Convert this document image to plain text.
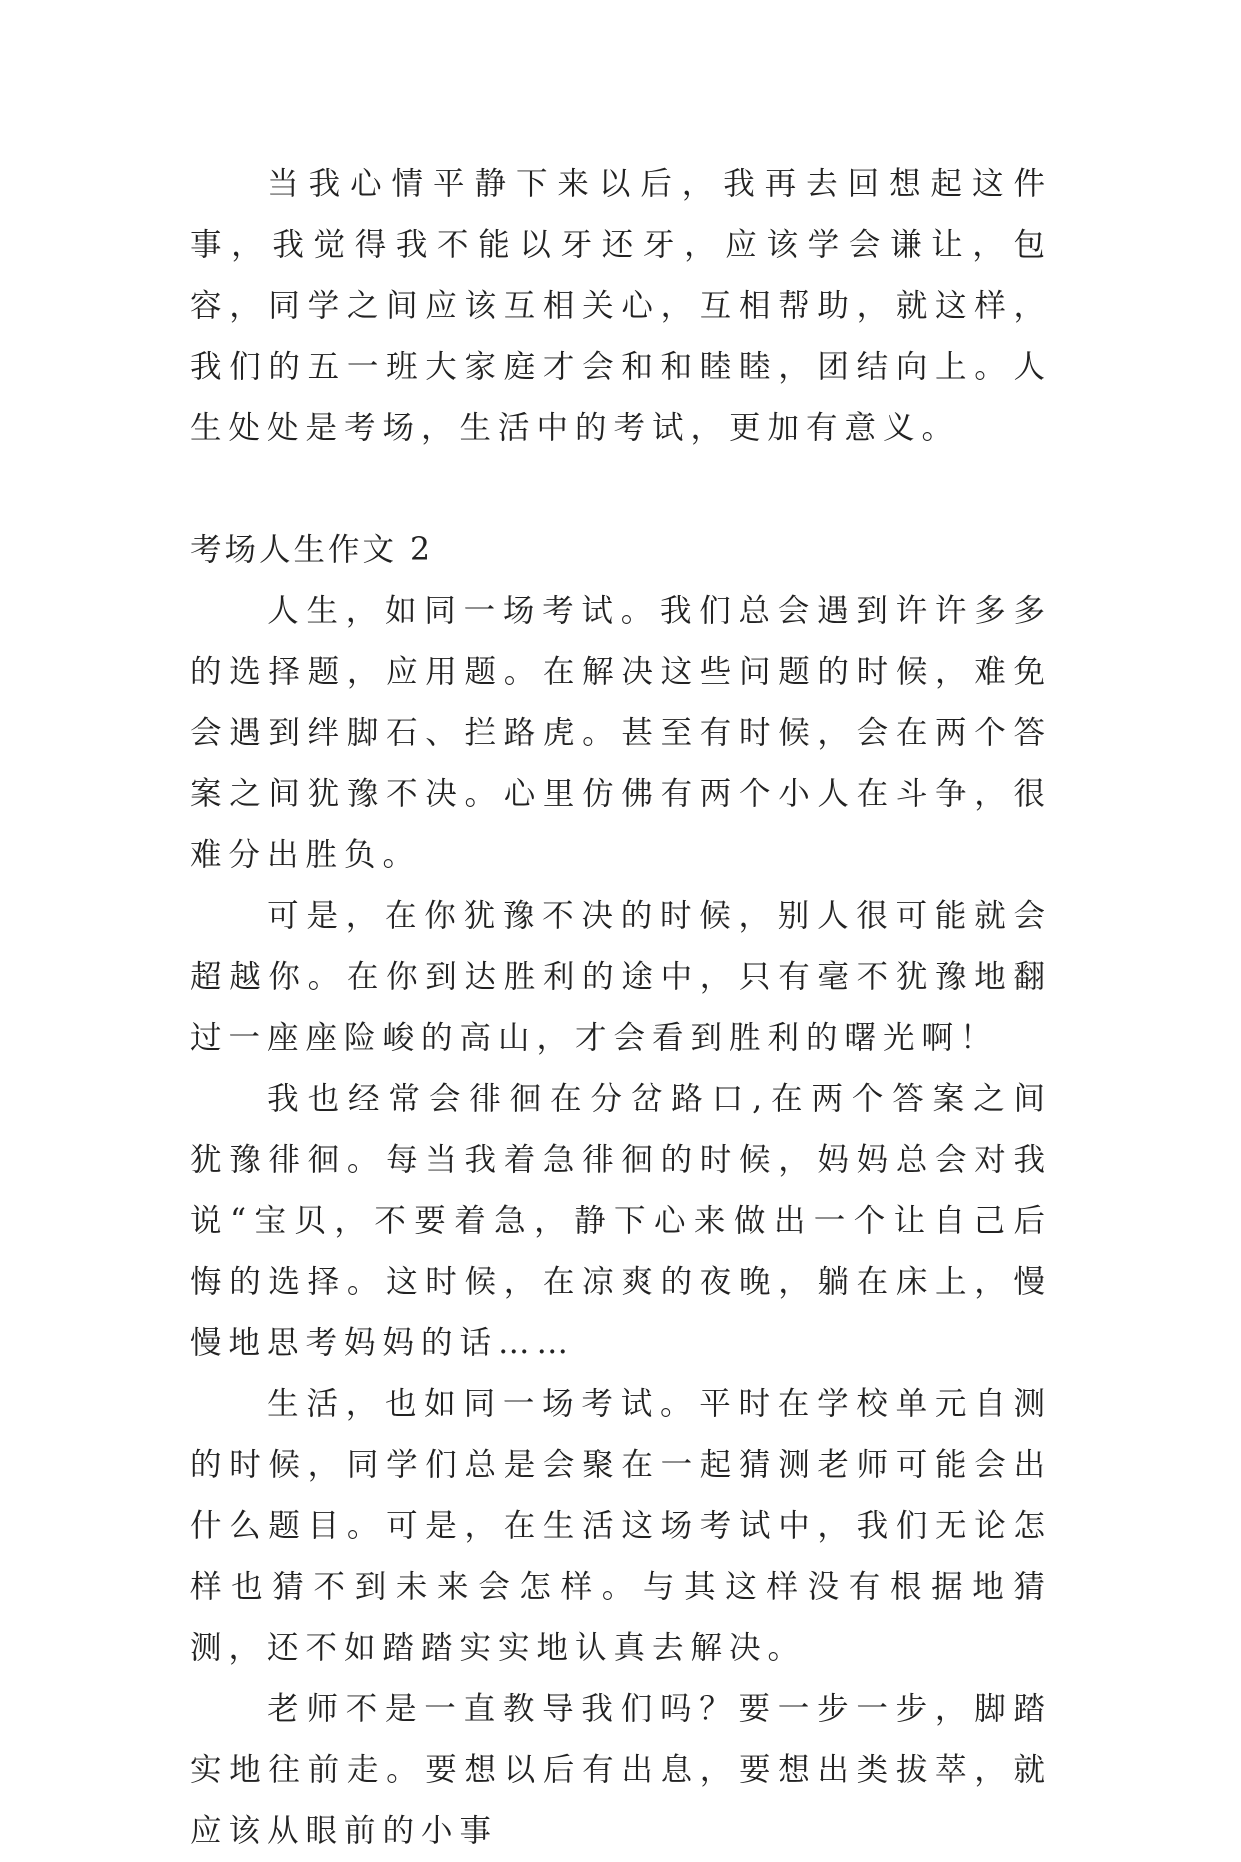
当我心情平静下来以后，我再去回想起这件事，我觉得我不能以牙还牙，应该学会谦让，包容，同学之间应该互相关心，互相帮助，就这样，我们的五一班大家庭才会和和睦睦，团结向上。人生处处是考场，生活中的考试，更加有意义。

考场人生作文 2

人生，如同一场考试。我们总会遇到许许多多的选择题，应用题。在解决这些问题的时候，难免会遇到绊脚石、拦路虎。甚至有时候，会在两个答案之间犹豫不决。心里仿佛有两个小人在斗争，很难分出胜负。

可是，在你犹豫不决的时候，别人很可能就会超越你。在你到达胜利的途中，只有毫不犹豫地翻过一座座险峻的高山，才会看到胜利的曙光啊！

我也经常会徘徊在分岔路口,在两个答案之间犹豫徘徊。每当我着急徘徊的时候，妈妈总会对我说“宝贝，不要着急，静下心来做出一个让自己后悔的选择。这时候，在凉爽的夜晚，躺在床上，慢慢地思考妈妈的话……

生活，也如同一场考试。平时在学校单元自测的时候，同学们总是会聚在一起猜测老师可能会出什么题目。可是，在生活这场考试中，我们无论怎样也猜不到未来会怎样。与其这样没有根据地猜测，还不如踏踏实实地认真去解决。

老师不是一直教导我们吗？要一步一步，脚踏实地往前走。要想以后有出息，要想出类拔萃，就应该从眼前的小事
